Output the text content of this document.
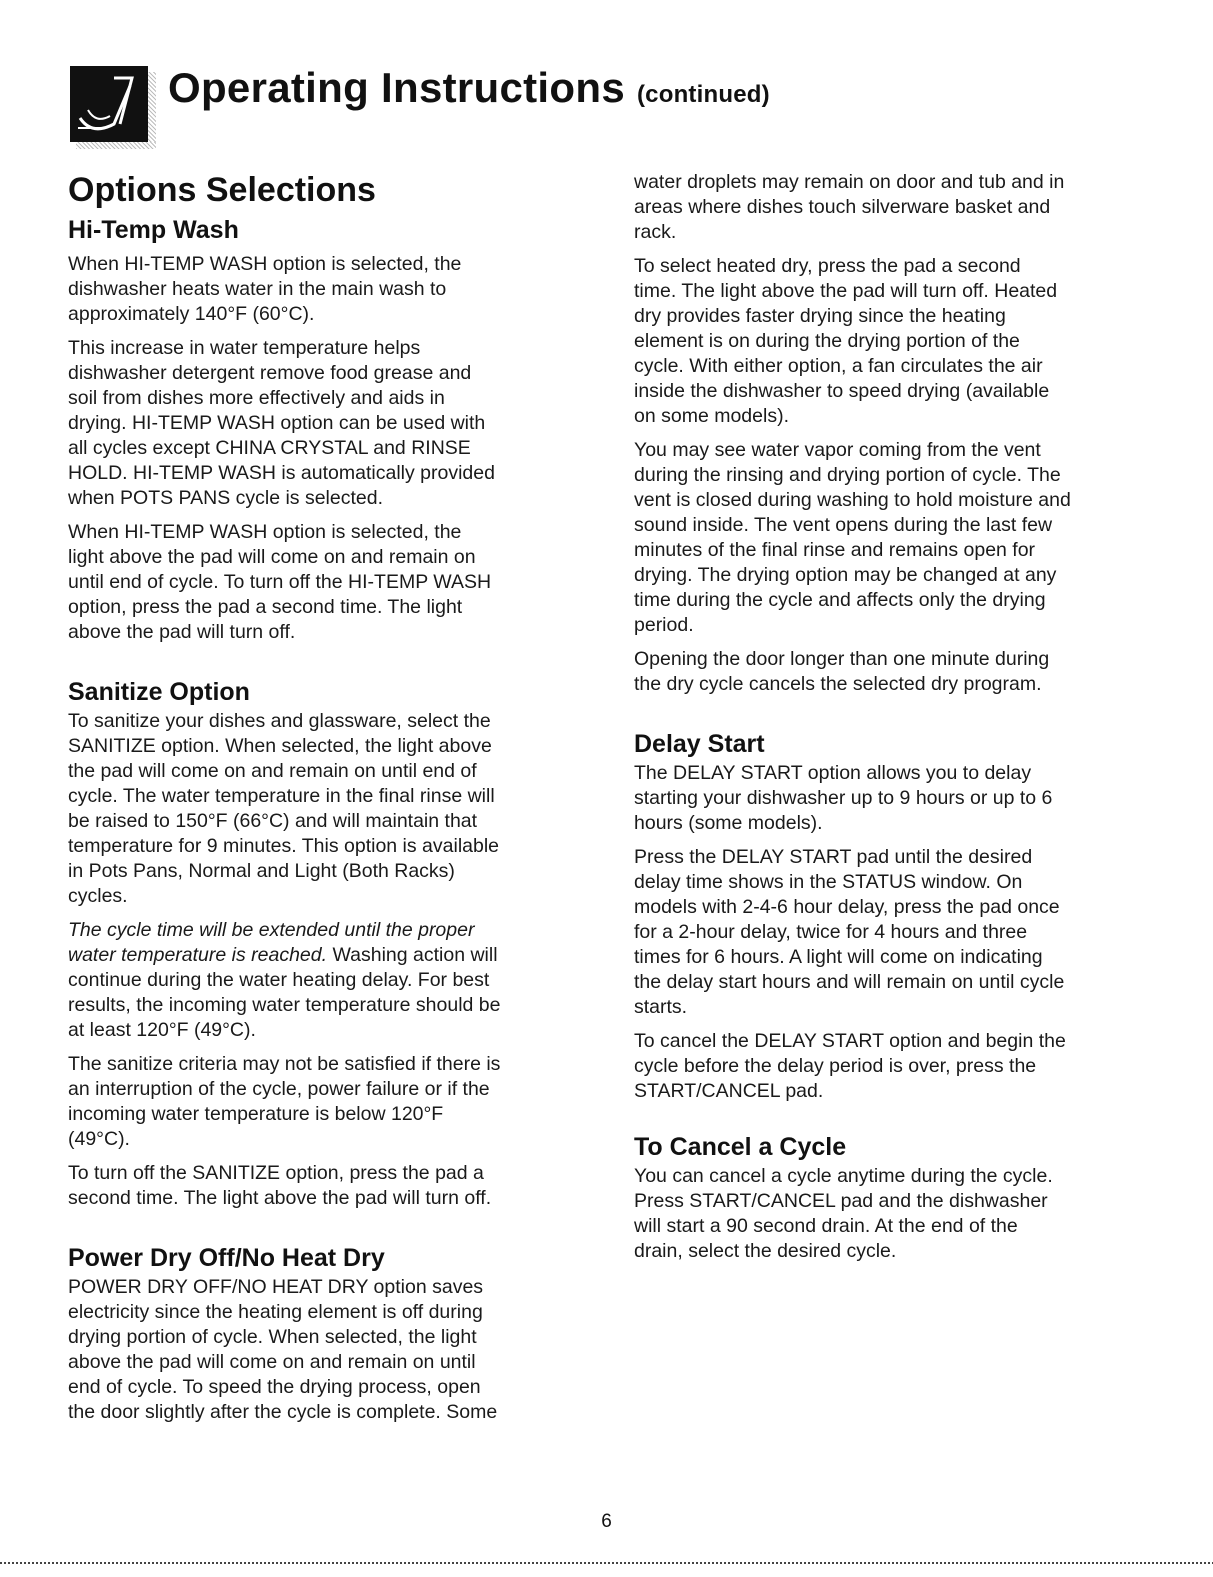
Operating Instructions (continued)
Options Selections
Hi-Temp Wash

When HI-TEMP WASH option is selected, the
dishwasher heats water in the main wash to
approximately 140°F (60°C).

This increase in water temperature helps
dishwasher detergent remove food grease and
soil from dishes more effectively and aids in
drying. HI-TEMP WASH option can be used with
all cycles except CHINA CRYSTAL and RINSE
HOLD. HI-TEMP WASH is automatically provided
when POTS PANS cycle is selected.

When HI-TEMP WASH option is selected, the
light above the pad will come on and remain on
until end of cycle. To turn off the HI-TEMP WASH
option, press the pad a second time. The light
above the pad will turn off.

Sanitize Option

To sanitize your dishes and glassware, select the
SANITIZE option. When selected, the light above
the pad will come on and remain on until end of
cycle. The water temperature in the final rinse will
be raised to 150°F (66°C) and will maintain that
temperature for 9 minutes. This option is available
in Pots Pans, Normal and Light (Both Racks)
cycles.

The cycle time will be extended until the proper
water temperature is reached. Washing action will
continue during the water heating delay. For best
results, the incoming water temperature should be
at least 120°F (49°C).

The sanitize criteria may not be satisfied if there is
an interruption of the cycle, power failure or if the
incoming water temperature is below 120°F
(49°C).

To turn off the SANITIZE option, press the pad a
second time. The light above the pad will turn off.

Power Dry Off/No Heat Dry

POWER DRY OFF/NO HEAT DRY option saves
electricity since the heating element is off during
drying portion of cycle. When selected, the light
above the pad will come on and remain on until
end of cycle. To speed the drying process, open
the door slightly after the cycle is complete. Some

water droplets may remain on door and tub and in
areas where dishes touch silverware basket and
rack.

To select heated dry, press the pad a second
time. The light above the pad will turn off. Heated
dry provides faster drying since the heating
element is on during the drying portion of the
cycle. With either option, a fan circulates the air
inside the dishwasher to speed drying (available
on some models).

You may see water vapor coming from the vent
during the rinsing and drying portion of cycle. The
vent is closed during washing to hold moisture and
sound inside. The vent opens during the last few
minutes of the final rinse and remains open for
drying. The drying option may be changed at any
time during the cycle and affects only the drying
period.

Opening the door longer than one minute during
the dry cycle cancels the selected dry program.

Delay Start

The DELAY START option allows you to delay
starting your dishwasher up to 9 hours or up to 6
hours (some models).

Press the DELAY START pad until the desired
delay time shows in the STATUS window. On
models with 2-4-6 hour delay, press the pad once
for a 2-hour delay, twice for 4 hours and three
times for 6 hours. A light will come on indicating
the delay start hours and will remain on until cycle
starts.

To cancel the DELAY START option and begin the
cycle before the delay period is over, press the
START/CANCEL pad.

To Cancel a Cycle

You can cancel a cycle anytime during the cycle.
Press START/CANCEL pad and the dishwasher
will start a 90 second drain. At the end of the
drain, select the desired cycle.

6
